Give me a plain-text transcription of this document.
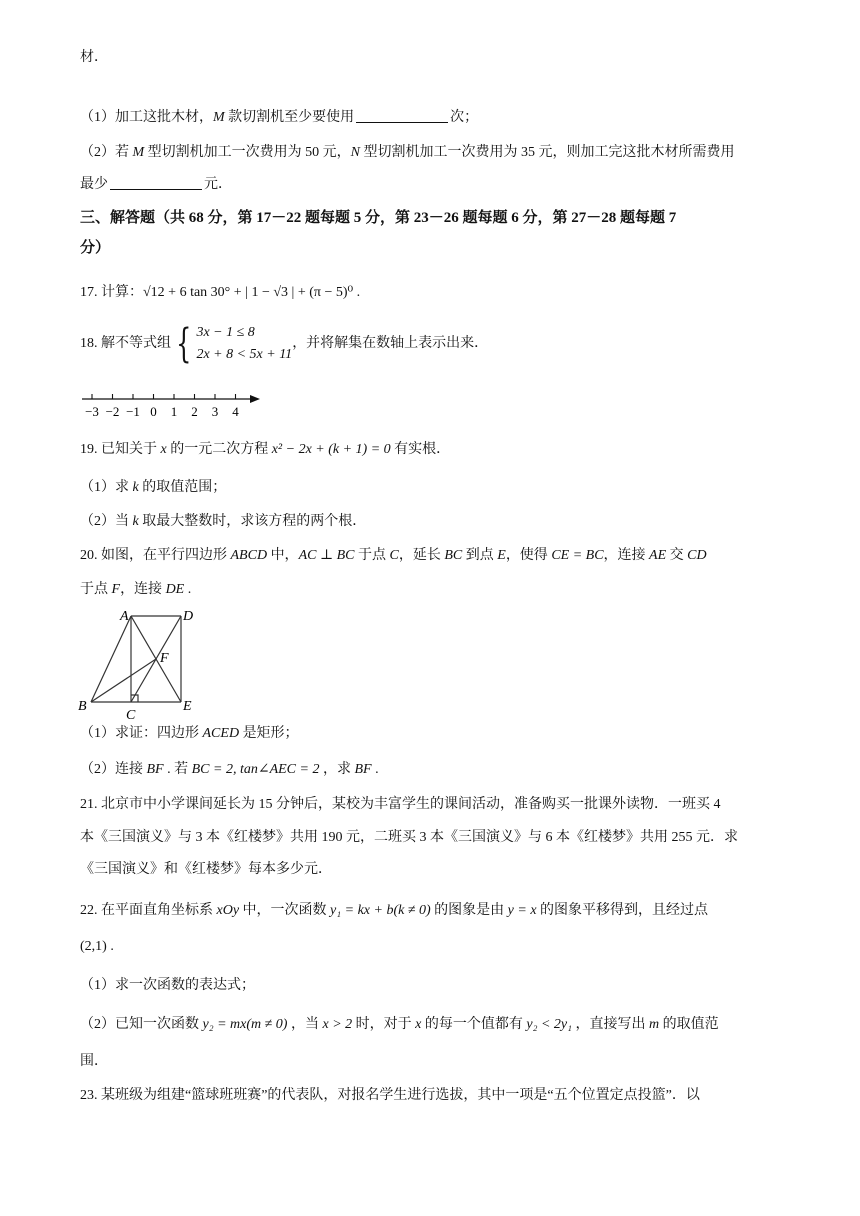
材．
（1）加工这批木材，M 款切割机至少要使用	次；
（2）若 M 型切割机加工一次费用为 50 元，N 型切割机加工一次费用为 35 元，则加工完这批木材所需费用
最少	元．
三、解答题（共 68 分，第 17－22 题每题 5 分，第 23－26 题每题 6 分，第 27－28 题每题 7
分）
17. 计算：√12 + 6 tan 30° + | 1 − √3 | + (π − 5)⁰ .
18. 解不等式组 { 3x − 1 ≤ 8
2x + 8 < 5x + 11
，并将解集在数轴上表示出来．
−3 −2 −1 0 1 2 3 4
19. 已知关于 x 的一元二次方程 x² − 2x + (k + 1) = 0 有实根．
（1）求 k 的取值范围；
（2）当 k 取最大整数时，求该方程的两个根．
20. 如图，在平行四边形 ABCD 中，AC ⊥ BC 于点 C，延长 BC 到点 E，使得 CE = BC，连接 AE 交 CD
于点 F，连接 DE .
A	D
B
C
E
F
（1）求证：四边形 ACED 是矩形；
（2）连接 BF . 若 BC = 2, tan∠AEC = 2 ，求 BF .
21. 北京市中小学课间延长为 15 分钟后，某校为丰富学生的课间活动，准备购买一批课外读物．一班买 4
本《三国演义》与 3 本《红楼梦》共用 190 元，二班买 3 本《三国演义》与 6 本《红楼梦》共用 255 元．求
《三国演义》和《红楼梦》每本多少元．
22. 在平面直角坐标系 xOy 中，一次函数 y₁ = kx + b(k ≠ 0) 的图象是由 y = x 的图象平移得到，且经过点
(2,1) .
（1）求一次函数的表达式；
（2）已知一次函数 y₂ = mx(m ≠ 0) ，当 x > 2 时，对于 x 的每一个值都有 y₂ < 2y₁ ，直接写出 m 的取值范
围．
23. 某班级为组建“篮球班班赛”的代表队，对报名学生进行选拔，其中一项是“五个位置定点投篮”．以
